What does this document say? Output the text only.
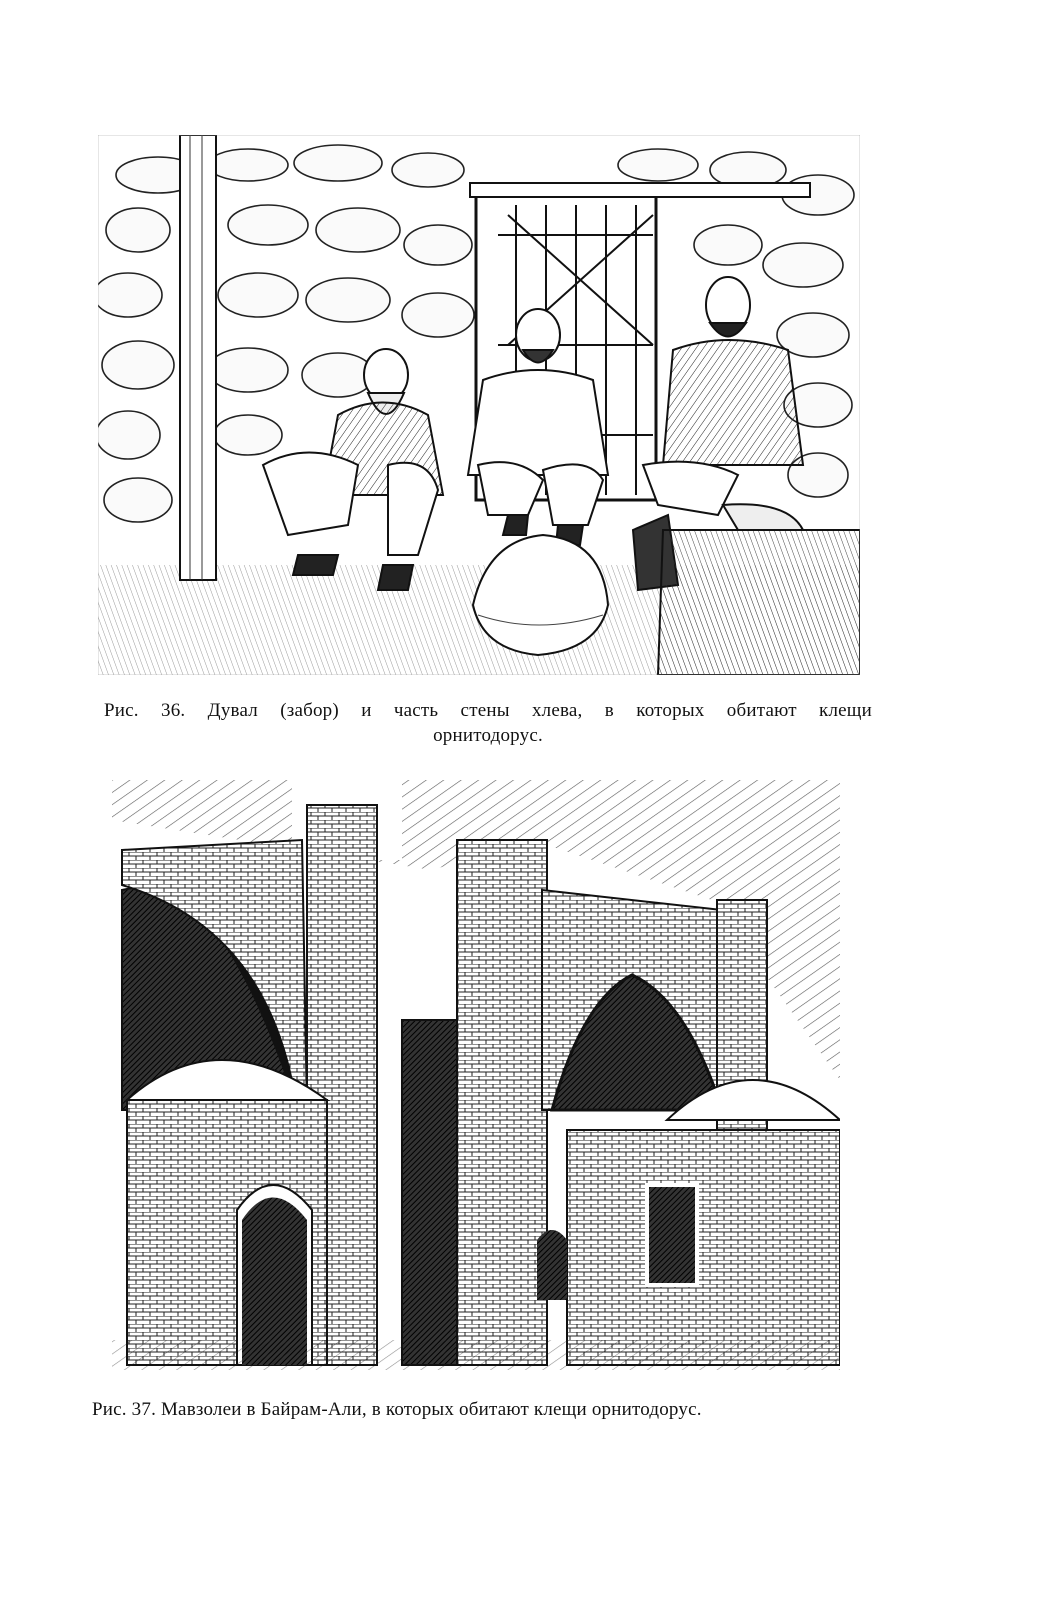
Рис. 36. Дувал (забор) и часть стены хлева, в которых обитают клещи

орнитодорус.

Рис. 37. Мавзолеи в Байрам-Али, в которых обитают клещи орнитодорус.
